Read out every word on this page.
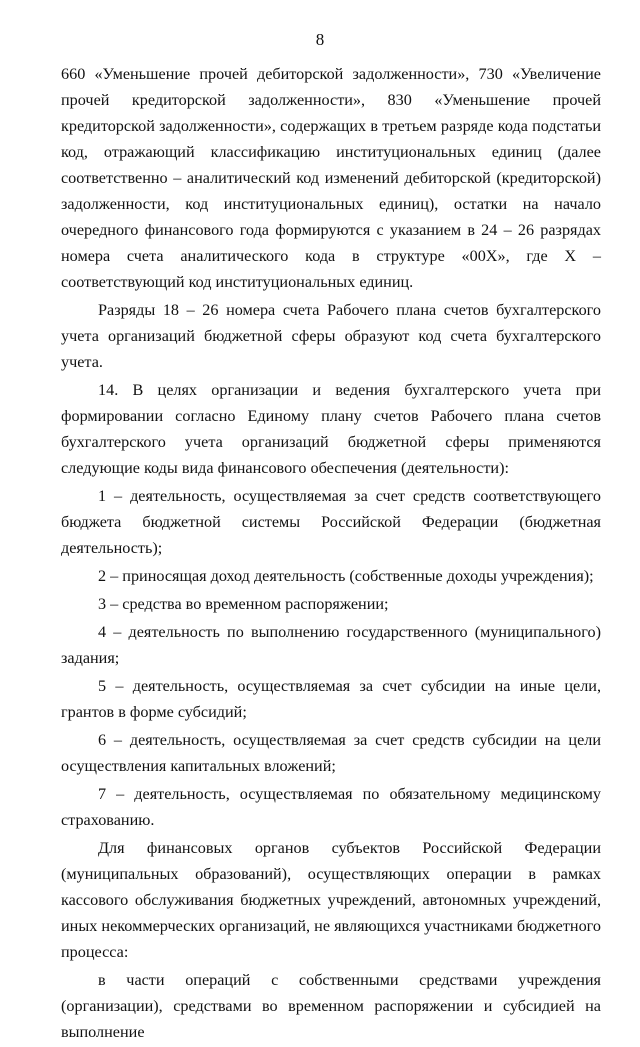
8

660 «Уменьшение прочей дебиторской задолженности», 730 «Увеличение прочей кредиторской задолженности», 830 «Уменьшение прочей кредиторской задолженности», содержащих в третьем разряде кода подстатьи код, отражающий классификацию институциональных единиц (далее соответственно – аналитический код изменений дебиторской (кредиторской) задолженности, код институциональных единиц), остатки на начало очередного финансового года формируются с указанием в 24 – 26 разрядах номера счета аналитического кода в структуре «00Х», где Х – соответствующий код институциональных единиц.

Разряды 18 – 26 номера счета Рабочего плана счетов бухгалтерского учета организаций бюджетной сферы образуют код счета бухгалтерского учета.

14. В целях организации и ведения бухгалтерского учета при формировании согласно Единому плану счетов Рабочего плана счетов бухгалтерского учета организаций бюджетной сферы применяются следующие коды вида финансового обеспечения (деятельности):

1 – деятельность, осуществляемая за счет средств соответствующего бюджета бюджетной системы Российской Федерации (бюджетная деятельность);

2 – приносящая доход деятельность (собственные доходы учреждения);

3 – средства во временном распоряжении;

4 – деятельность по выполнению государственного (муниципального) задания;

5 – деятельность, осуществляемая за счет субсидии на иные цели, грантов в форме субсидий;

6 – деятельность, осуществляемая за счет средств субсидии на цели осуществления капитальных вложений;

7 – деятельность, осуществляемая по обязательному медицинскому страхованию.

Для финансовых органов субъектов Российской Федерации (муниципальных образований), осуществляющих операции в рамках кассового обслуживания бюджетных учреждений, автономных учреждений, иных некоммерческих организаций, не являющихся участниками бюджетного процесса:

в части операций с собственными средствами учреждения (организации), средствами во временном распоряжении и субсидией на выполнение
